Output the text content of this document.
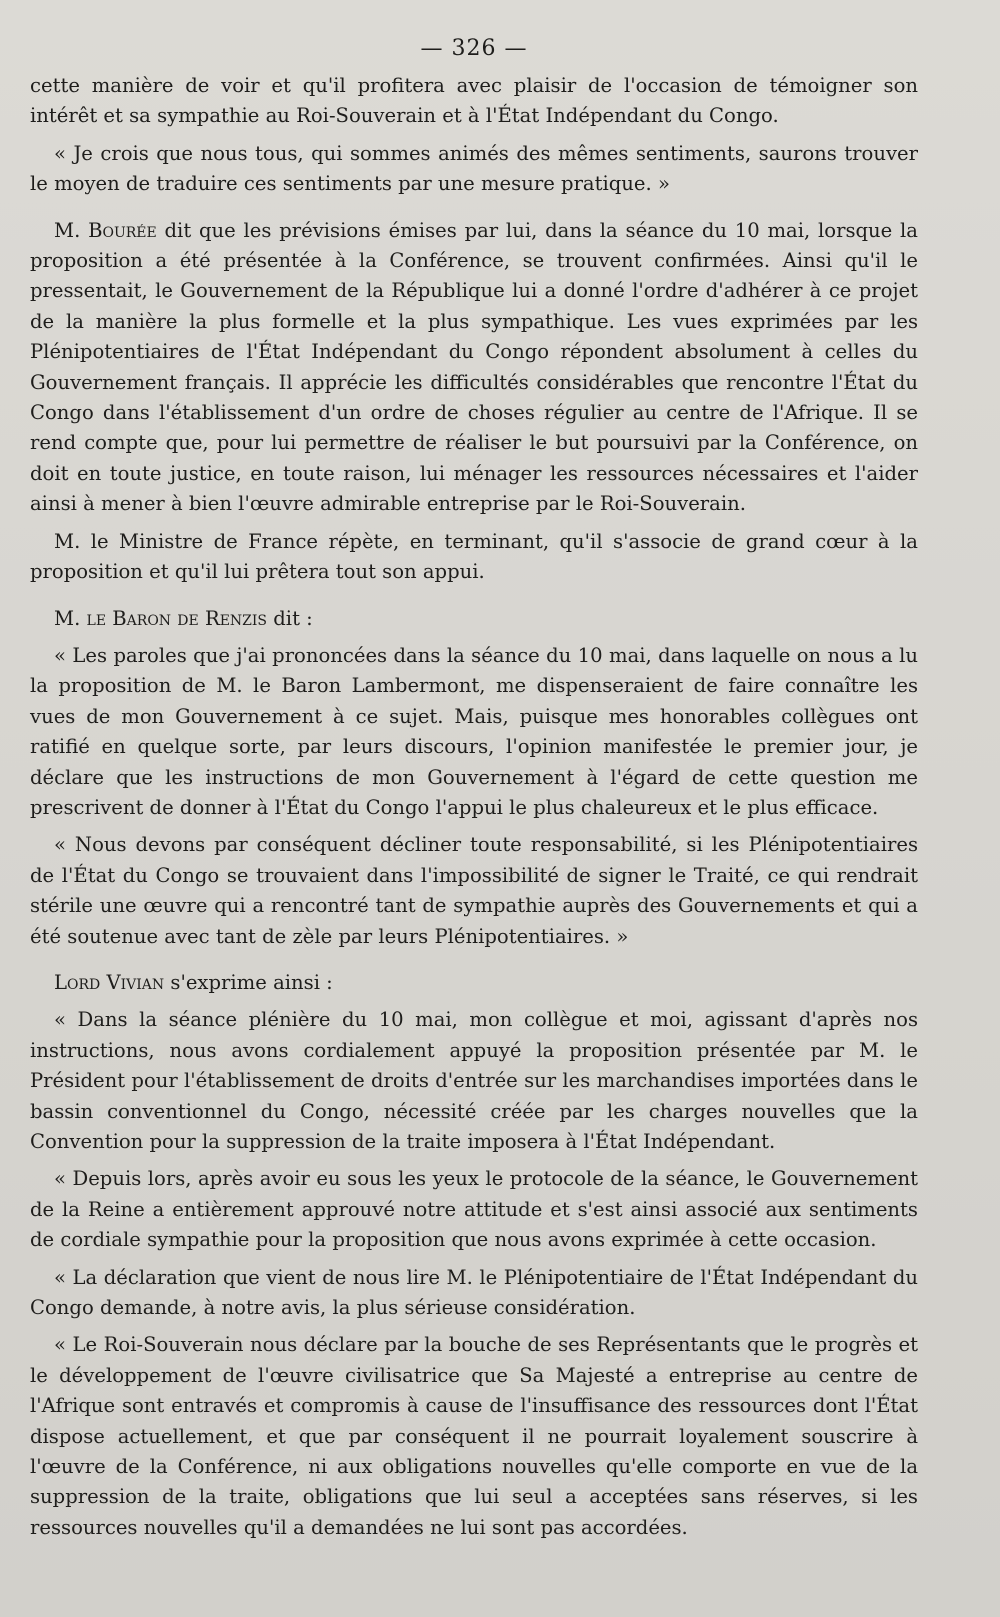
— 326 —

cette manière de voir et qu'il profitera avec plaisir de l'occasion de témoigner son intérêt et sa sympathie au Roi-Souverain et à l'État Indépendant du Congo.

« Je crois que nous tous, qui sommes animés des mêmes sentiments, saurons trouver le moyen de traduire ces sentiments par une mesure pratique. »

M. Bourée dit que les prévisions émises par lui, dans la séance du 10 mai, lorsque la proposition a été présentée à la Conférence, se trouvent confirmées. Ainsi qu'il le pressentait, le Gouvernement de la République lui a donné l'ordre d'adhérer à ce projet de la manière la plus formelle et la plus sympathique. Les vues exprimées par les Plénipotentiaires de l'État Indépendant du Congo répondent absolument à celles du Gouvernement français. Il apprécie les difficultés considérables que rencontre l'État du Congo dans l'établissement d'un ordre de choses régulier au centre de l'Afrique. Il se rend compte que, pour lui permettre de réaliser le but poursuivi par la Conférence, on doit en toute justice, en toute raison, lui ménager les ressources nécessaires et l'aider ainsi à mener à bien l'œuvre admirable entreprise par le Roi-Souverain.

M. le Ministre de France répète, en terminant, qu'il s'associe de grand cœur à la proposition et qu'il lui prêtera tout son appui.

M. le Baron de Renzis dit :

« Les paroles que j'ai prononcées dans la séance du 10 mai, dans laquelle on nous a lu la proposition de M. le Baron Lambermont, me dispenseraient de faire connaître les vues de mon Gouvernement à ce sujet. Mais, puisque mes honorables collègues ont ratifié en quelque sorte, par leurs discours, l'opinion manifestée le premier jour, je déclare que les instructions de mon Gouvernement à l'égard de cette question me prescrivent de donner à l'État du Congo l'appui le plus chaleureux et le plus efficace.

« Nous devons par conséquent décliner toute responsabilité, si les Plénipotentiaires de l'État du Congo se trouvaient dans l'impossibilité de signer le Traité, ce qui rendrait stérile une œuvre qui a rencontré tant de sympathie auprès des Gouvernements et qui a été soutenue avec tant de zèle par leurs Plénipotentiaires. »

Lord Vivian s'exprime ainsi :

« Dans la séance plénière du 10 mai, mon collègue et moi, agissant d'après nos instructions, nous avons cordialement appuyé la proposition présentée par M. le Président pour l'établissement de droits d'entrée sur les marchandises importées dans le bassin conventionnel du Congo, nécessité créée par les charges nouvelles que la Convention pour la suppression de la traite imposera à l'État Indépendant.

« Depuis lors, après avoir eu sous les yeux le protocole de la séance, le Gouvernement de la Reine a entièrement approuvé notre attitude et s'est ainsi associé aux sentiments de cordiale sympathie pour la proposition que nous avons exprimée à cette occasion.

« La déclaration que vient de nous lire M. le Plénipotentiaire de l'État Indépendant du Congo demande, à notre avis, la plus sérieuse considération.

« Le Roi-Souverain nous déclare par la bouche de ses Représentants que le progrès et le développement de l'œuvre civilisatrice que Sa Majesté a entreprise au centre de l'Afrique sont entravés et compromis à cause de l'insuffisance des ressources dont l'État dispose actuellement, et que par conséquent il ne pourrait loyalement souscrire à l'œuvre de la Conférence, ni aux obligations nouvelles qu'elle comporte en vue de la suppression de la traite, obligations que lui seul a acceptées sans réserves, si les ressources nouvelles qu'il a demandées ne lui sont pas accordées.
